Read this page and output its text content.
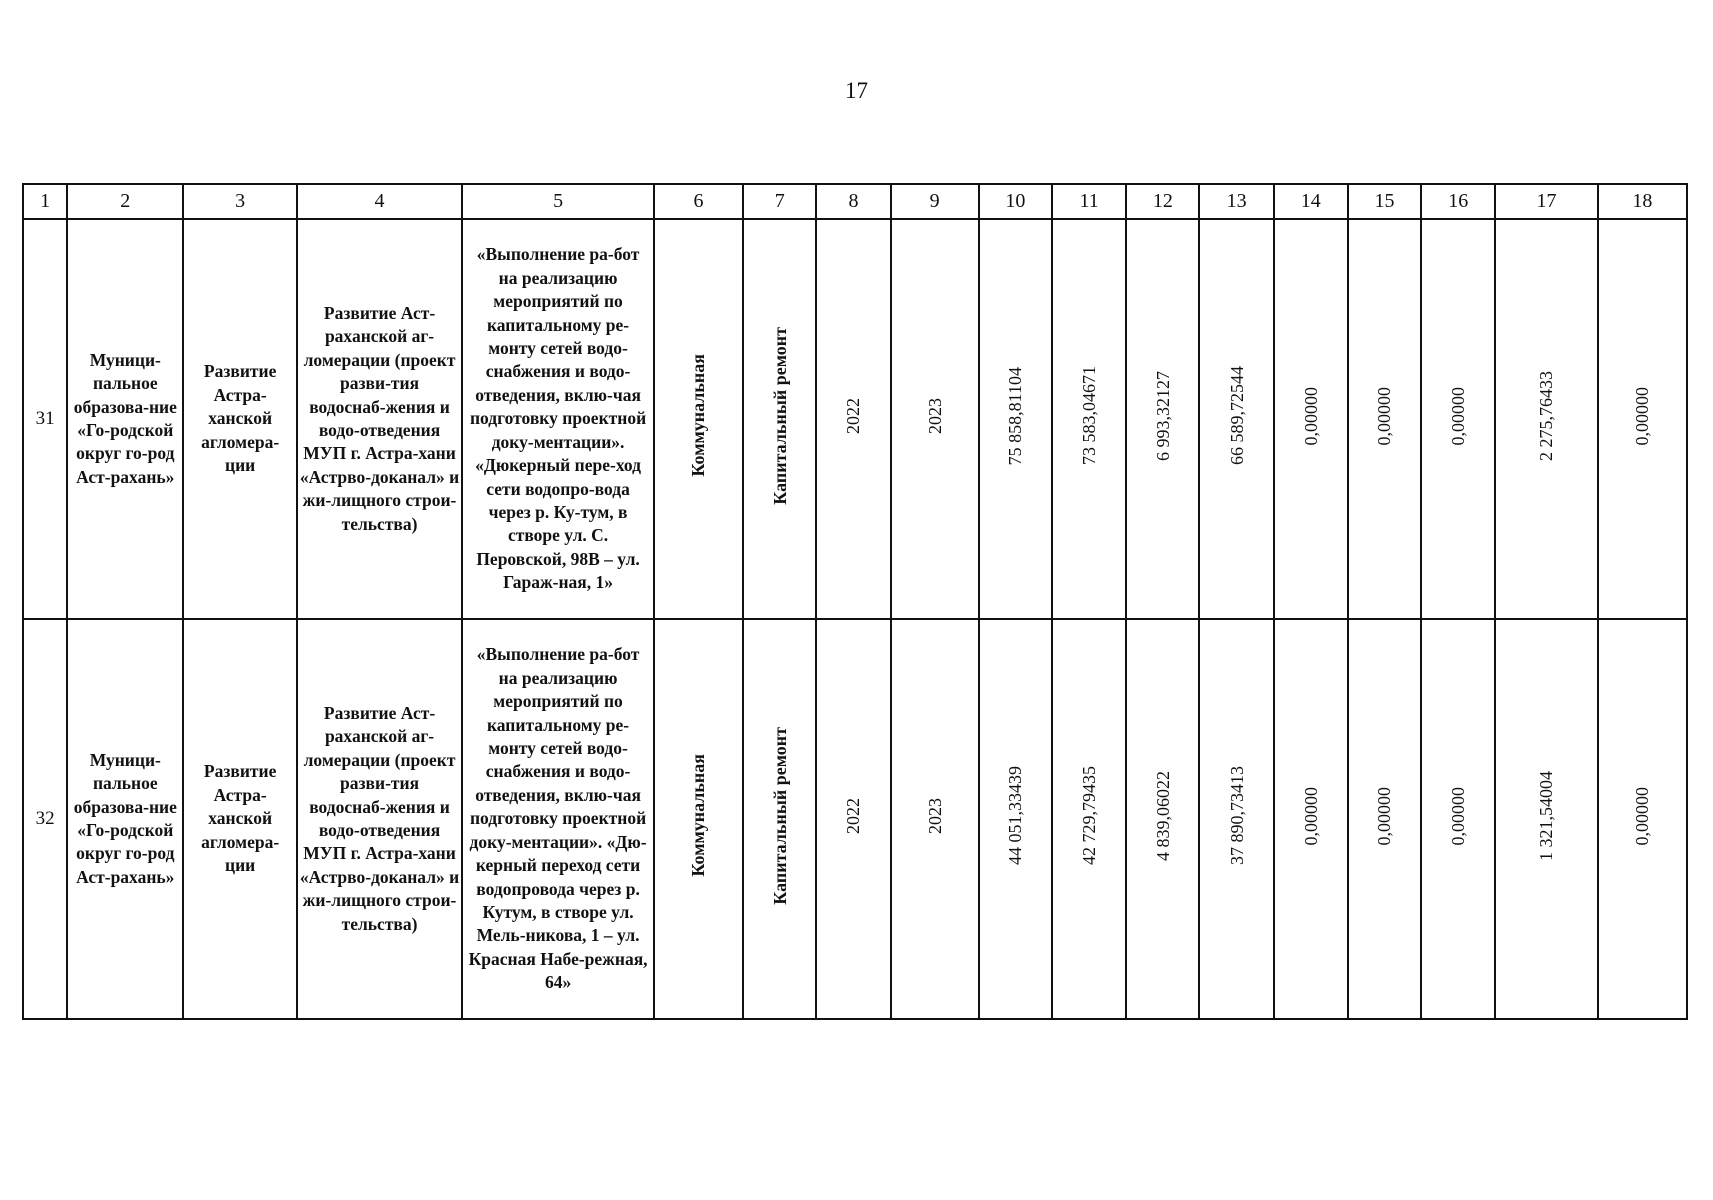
17
1	2	3	4	5	6	7	8	9	10	11	12	13	14	15	16	17	18
31	Муници-пальное образова-ние «Го-родской округ го-род Аст-рахань»	Развитие Астра-ханской агломера-ции	Развитие Аст-раханской аг-ломерации (проект разви-тия водоснаб-жения и водо-отведения МУП г. Астра-хани «Астрво-доканал» и жи-лищного строи-тельства)	«Выполнение ра-бот на реализацию мероприятий по капитальному ре-монту сетей водо-снабжения и водо-отведения, вклю-чая подготовку проектной доку-ментации». «Дюкерный пере-ход сети водопро-вода через р. Ку-тум, в створе ул. С. Перовской, 98В – ул. Гараж-ная, 1»	Коммунальная	Капитальный ремонт	2022	2023	75 858,81104	73 583,04671	6 993,32127	66 589,72544	0,00000	0,00000	0,00000	2 275,76433	0,00000
32	Муници-пальное образова-ние «Го-родской округ го-род Аст-рахань»	Развитие Астра-ханской агломера-ции	Развитие Аст-раханской аг-ломерации (проект разви-тия водоснаб-жения и водо-отведения МУП г. Астра-хани «Астрво-доканал» и жи-лищного строи-тельства)	«Выполнение ра-бот на реализацию мероприятий по капитальному ре-монту сетей водо-снабжения и водо-отведения, вклю-чая подготовку проектной доку-ментации». «Дю-керный переход сети водопровода через р. Кутум, в створе ул. Мель-никова, 1 – ул. Красная Набе-режная, 64»	Коммунальная	Капитальный ремонт	2022	2023	44 051,33439	42 729,79435	4 839,06022	37 890,73413	0,00000	0,00000	0,00000	1 321,54004	0,00000
